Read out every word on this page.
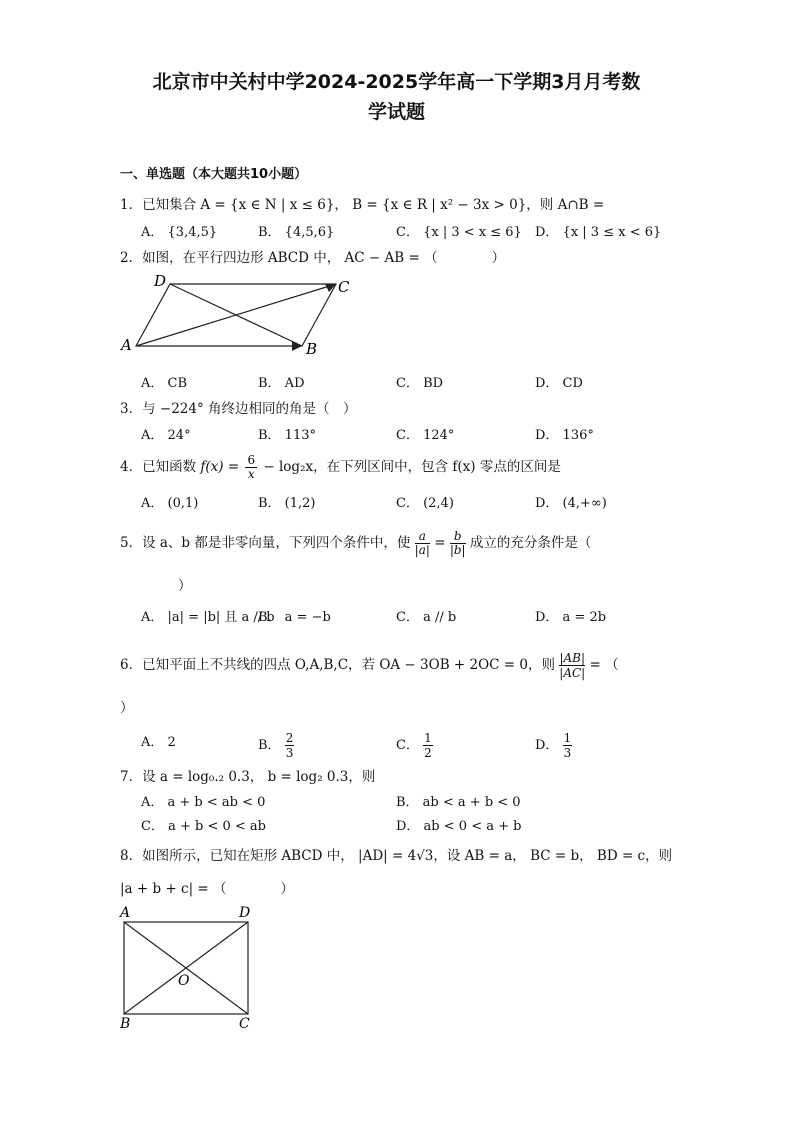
北京市中关村中学2024-2025学年高一下学期3月月考数
学试题
一、单选题（本大题共10小题）
1．已知集合 A = {x ∈ N | x ≤ 6}， B = {x ∈ R | x² − 3x > 0}，则 A∩B =
A． {3,4,5}	B． {4,5,6}	C． {x | 3 < x ≤ 6} D． {x | 3 ≤ x < 6}
2．如图，在平行四边形 ABCD 中， AC − AB = （　　　　）
D	C
A	B
A． CB	B． AD	C． BD	D． CD
3．与 −224° 角终边相同的角是（　）
A． 24°	B． 113°	C． 124°	D． 136°
4．已知函数 $f(x) = \frac{6}{x} - \log_2x$，在下列区间中，包含 f(x) 零点的区间是
A． (0,1)	B． (1,2)	C． (2,4)	D． (4,+∞)
5．设 a、b 都是非零向量，下列四个条件中，使 $\frac{a}{|a|} = \frac{b}{|b|}$ 成立的充分条件是（
）
A． |a| = |b| 且 a // b
B． a = −b	C． a // b	D． a = 2b
6．已知平面上不共线的四点 O,A,B,C，若 OA − 3OB + 2OC = 0，则 $\frac{|AB|}{|AC|}$ = （
）
A． 2	B． $\frac{2}{3}$	C． $\frac{1}{2}$	D． $\frac{1}{3}$
7．设 a = log₀.₂ 0.3， b = log₂ 0.3，则
A． a + b < ab < 0	B． ab < a + b < 0
C． a + b < 0 < ab	D． ab < 0 < a + b
8．如图所示，已知在矩形 ABCD 中， |AD| = 4√3，设 AB = a， BC = b， BD = c，则
|a + b + c| = （　　　　）
A	D
O
B	C
